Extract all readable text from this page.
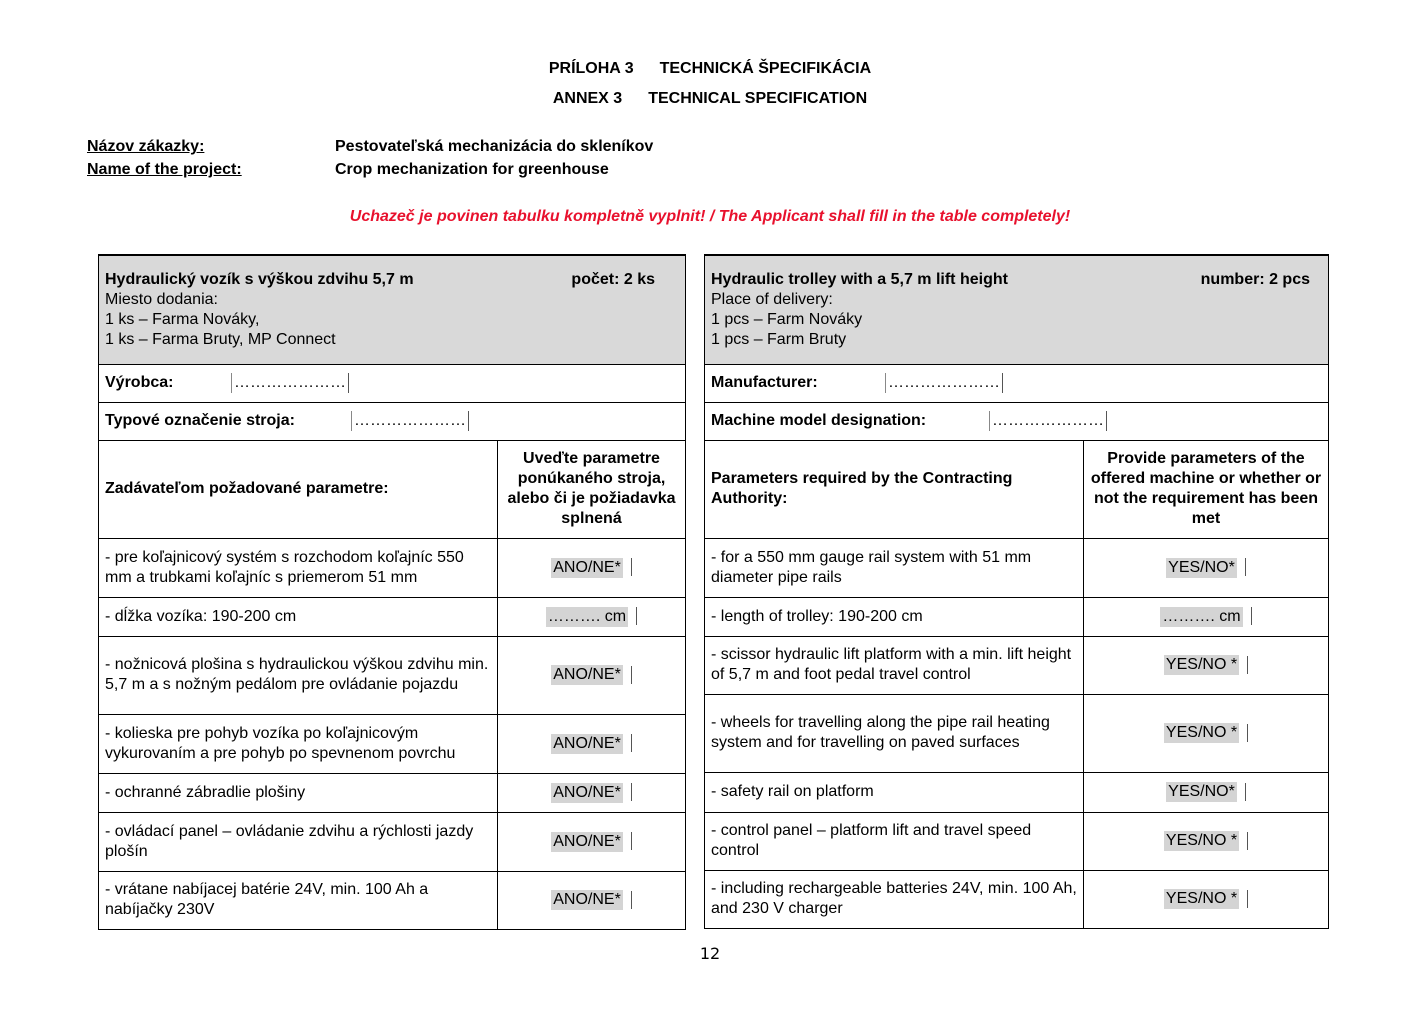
PRÍLOHA 3 TECHNICKÁ ŠPECIFIKÁCIA
ANNEX 3 TECHNICAL SPECIFICATION
Názov zákazky:	Pestovateľská mechanizácia do skleníkov
Name of the project:	Crop mechanization for greenhouse
Uchazeč je povinen tabulku kompletně vyplnit! / The Applicant shall fill in the table completely!
Hydraulický vozík s výškou zdvihu 5,7 m počet: 2 ks
Miesto dodania:
1 ks – Farma Nováky,
1 ks – Farma Bruty, MP Connect	

Výrobca: …………………	
Typové označenie stroja: …………………	
Zadávateľom požadované parametre:	Uveďte parametre ponúkaného stroja, alebo či je požiadavka splnená
- pre koľajnicový systém s rozchodom koľajníc 550 mm a trubkami koľajníc s priemerom 51 mm	ANO/NE*
- dĺžka vozíka: 190-200 cm	………. cm
- nožnicová plošina s hydraulickou výškou zdvihu min. 5,7 m a s nožným pedálom pre ovládanie pojazdu	ANO/NE*
- kolieska pre pohyb vozíka po koľajnicovým vykurovaním a pre pohyb po spevnenom povrchu	ANO/NE*
- ochranné zábradlie plošiny	ANO/NE*
- ovládací panel – ovládanie zdvihu a rýchlosti jazdy plošín	ANO/NE*
- vrátane nabíjacej batérie 24V, min. 100 Ah a nabíjačky 230V	ANO/NE*
Hydraulic trolley with a 5,7 m lift height number: 2 pcs
Place of delivery:
1 pcs – Farm Nováky
1 pcs – Farm Bruty	

Manufacturer: …………………	
Machine model designation: …………………	
Parameters required by the Contracting Authority:	Provide parameters of the offered machine or whether or not the requirement has been met
- for a 550 mm gauge rail system with 51 mm diameter pipe rails	YES/NO*
- length of trolley: 190-200 cm	………. cm
- scissor hydraulic lift platform with a min. lift height of 5,7 m and foot pedal travel control	YES/NO *
- wheels for travelling along the pipe rail heating system and for travelling on paved surfaces	YES/NO *
- safety rail on platform	YES/NO*
- control panel – platform lift and travel speed control	YES/NO *
- including rechargeable batteries 24V, min. 100 Ah, and 230 V charger	YES/NO *
12
